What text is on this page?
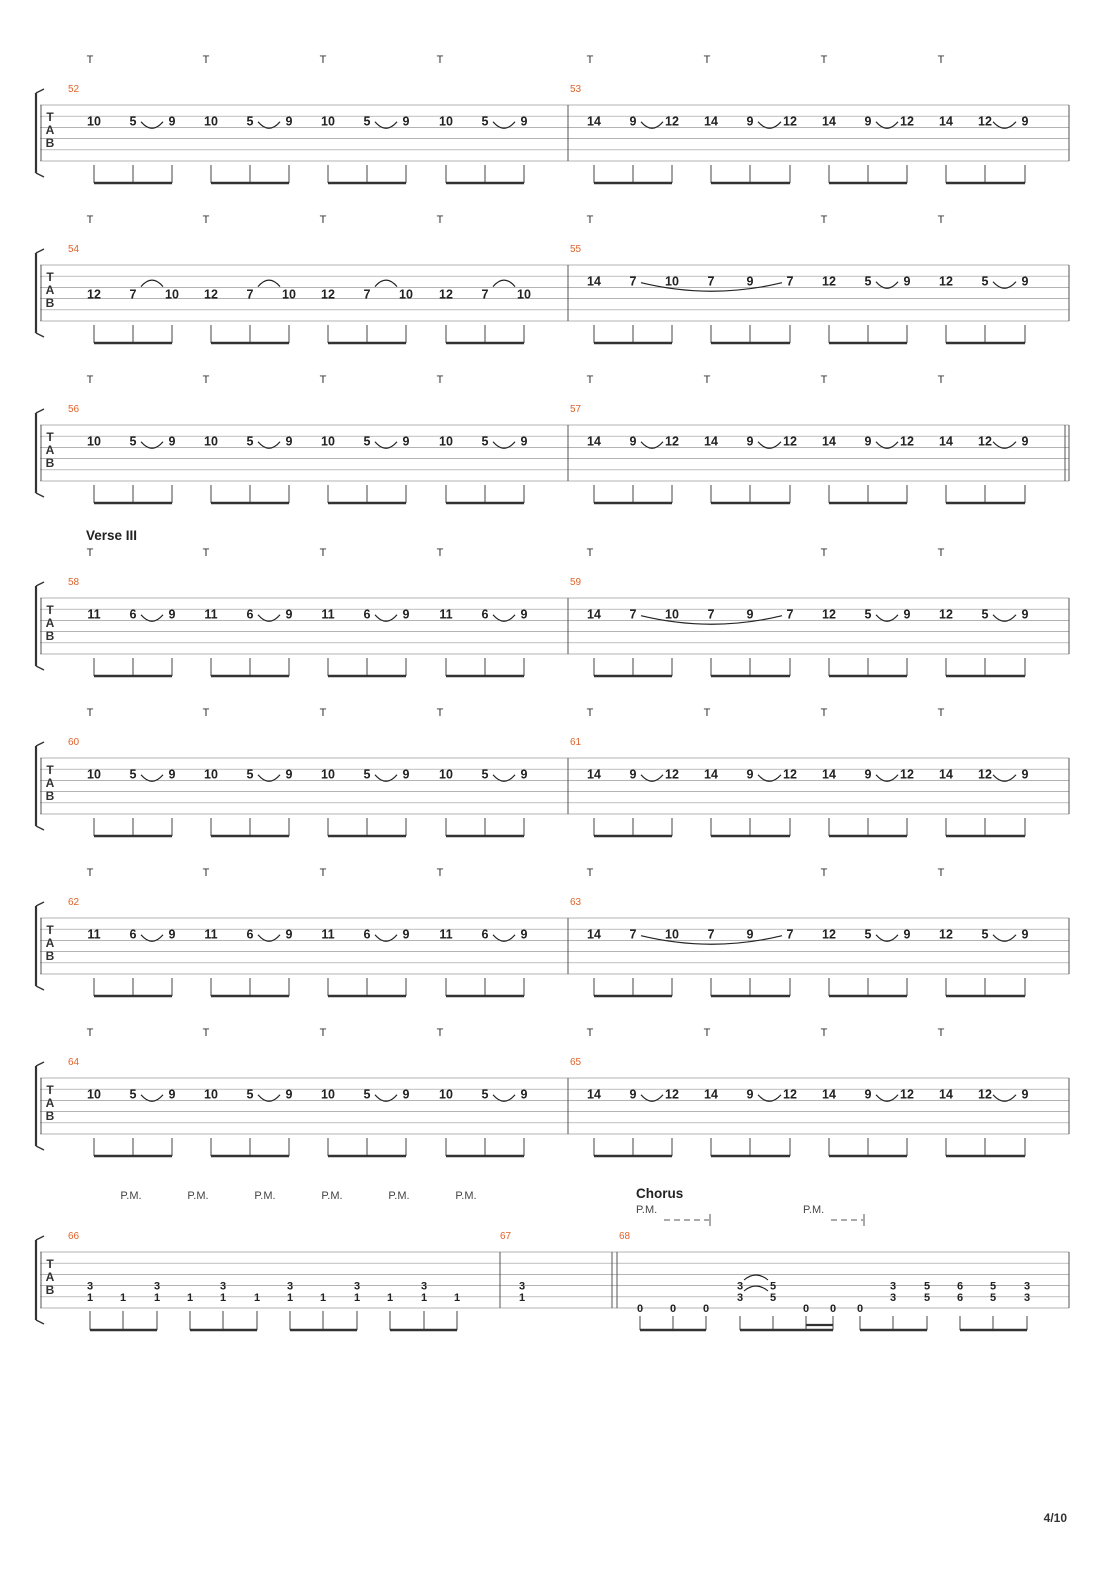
4/10
T
A
B
52
T	T	T	T
10 5	9 10 5	9 10 5	9 10 5	9
53
T	T	T	T
14 9 12 14 9 12 14 9 12 14 12 9
T
A
B
54
T	T	T	T
12 7 10 12 7 10 12 7 10 12 7 10
55
T	T	T
14 7 10 7	9	7 12 5	9 12 5	9
T
A
B
56
T	T	T	T
10 5	9 10 5	9 10 5	9 10 5	9
57
T	T	T	T
14 9 12 14 9 12 14 9 12 14 12 9
T
A
B
Verse III
58
T	T	T	T
11 6	9 11 6	9 11 6	9 11 6	9
59
T	T	T
14 7 10 7	9	7 12 5	9 12 5	9
T
A
B
60
T	T	T	T
10 5	9 10 5	9 10 5	9 10 5	9
61
T	T	T	T
14 9 12 14 9 12 14 9 12 14 12 9
T
A
B
62
T	T	T	T
11 6	9 11 6	9 11 6	9 11 6	9
63
T	T	T
14 7 10 7	9	7 12 5	9 12 5	9
T
A
B
64
T	T	T	T
10 5	9 10 5	9 10 5	9 10 5	9
65
T	T	T	T
14 9 12 14 9 12 14 9 12 14 12 9
T
A
B
66	67	68
Chorus
P.M.	P.M.	P.M.	P.M.	P.M.	P.M.
P.M.	P.M.
3
1 1
3
1 1
3
1	1
3
1 1
3
1 1
3
1 1
3
1
0 0 0
3
3
5
5
0 0 0
3
3
5
5
6
6
5
5
3
3
